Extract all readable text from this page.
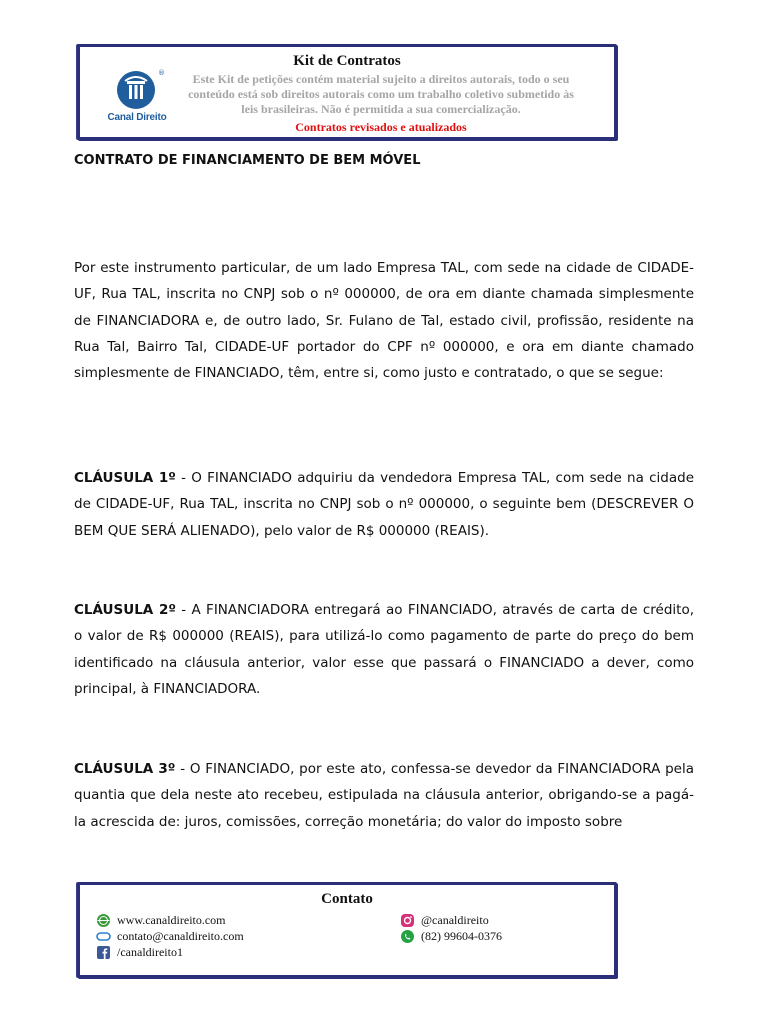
®
Canal Direito
Kit de Contratos
Este Kit de petições contém material sujeito a direitos autorais, todo o seu conteúdo está sob direitos autorais como um trabalho coletivo submetido às leis brasileiras. Não é permitida a sua comercialização.
Contratos revisados e atualizados
CONTRATO DE FINANCIAMENTO DE BEM MÓVEL

Por este instrumento particular, de um lado Empresa TAL, com sede na cidade de CIDADE-UF, Rua TAL, inscrita no CNPJ sob o nº 000000, de ora em diante chamada simplesmente de FINANCIADORA e, de outro lado, Sr. Fulano de Tal, estado civil, profissão, residente na Rua Tal, Bairro Tal, CIDADE-UF portador do CPF nº 000000, e ora em diante chamado simplesmente de FINANCIADO, têm, entre si, como justo e contratado, o que se segue:

CLÁUSULA 1º - O FINANCIADO adquiriu da vendedora Empresa TAL, com sede na cidade de CIDADE-UF, Rua TAL, inscrita no CNPJ sob o nº 000000, o seguinte bem (DESCREVER O BEM QUE SERÁ ALIENADO), pelo valor de R$ 000000 (REAIS).

CLÁUSULA 2º - A FINANCIADORA entregará ao FINANCIADO, através de carta de crédito, o valor de R$ 000000 (REAIS), para utilizá-lo como pagamento de parte do preço do bem identificado na cláusula anterior, valor esse que passará o FINANCIADO a dever, como principal, à FINANCIADORA.

CLÁUSULA 3º - O FINANCIADO, por este ato, confessa-se devedor da FINANCIADORA pela quantia que dela neste ato recebeu, estipulada na cláusula anterior, obrigando-se a pagá-la acrescida de: juros, comissões, correção monetária; do valor do imposto sobre

Contato
www.canaldireito.com
contato@canaldireito.com
/canaldireito1
@canaldireito
(82) 99604-0376
